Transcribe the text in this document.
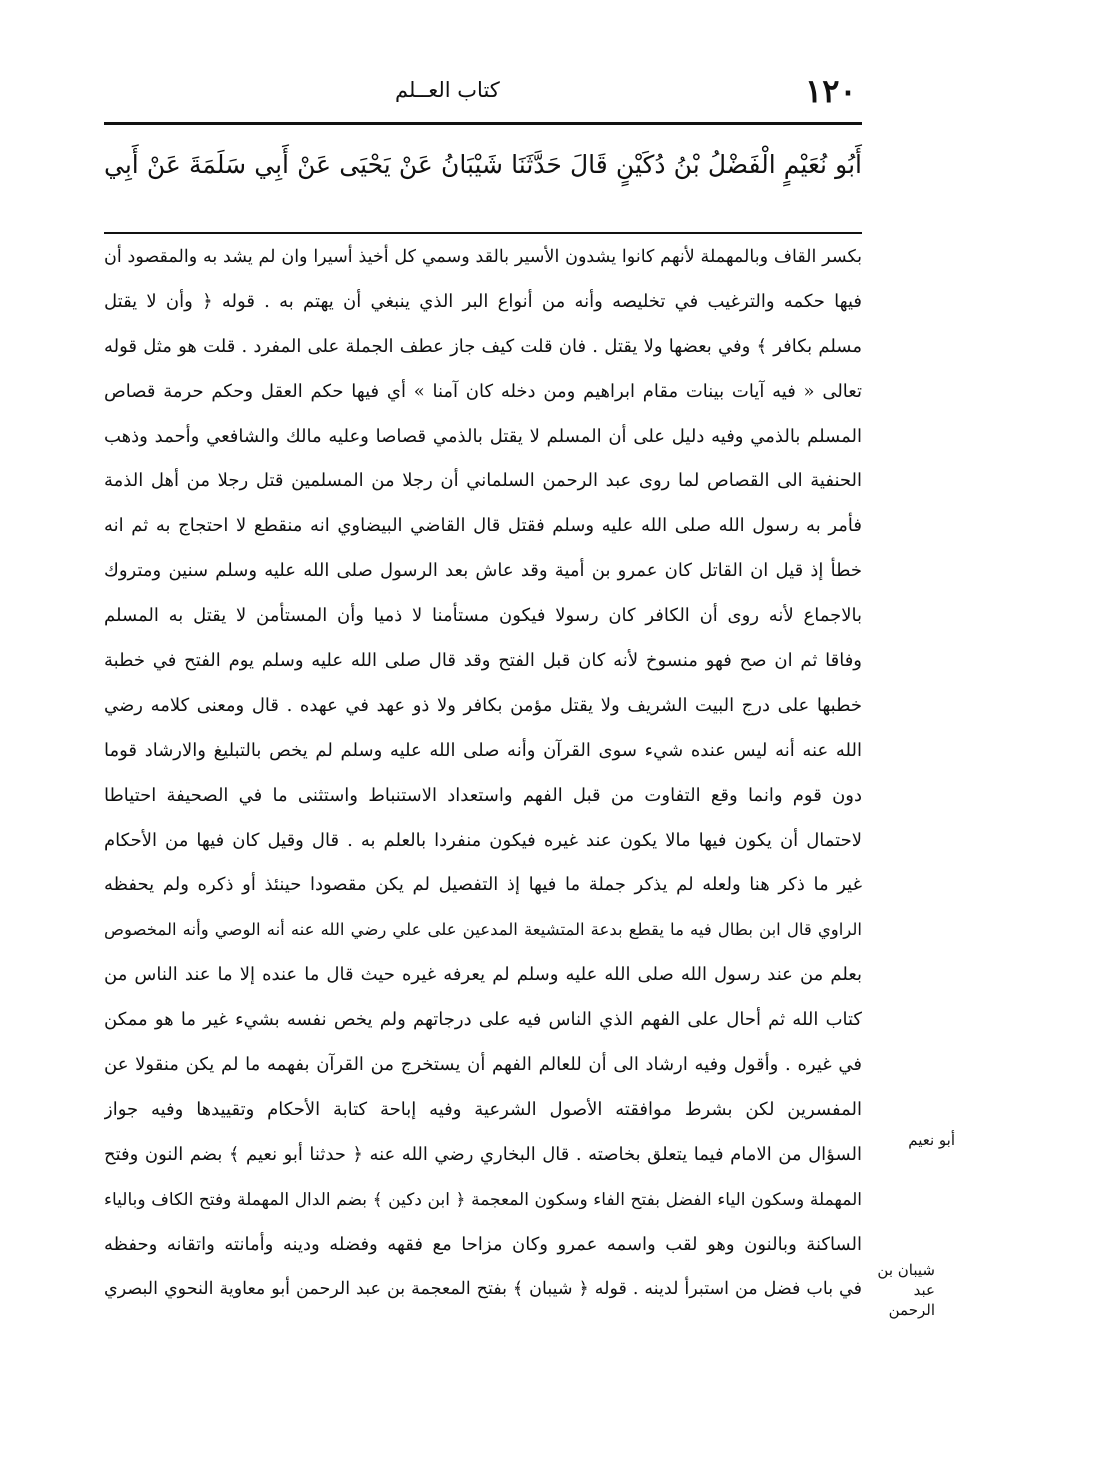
١٢٠
كتاب العــلم
أَبُو نُعَيْمٍ الْفَضْلُ بْنُ دُكَيْنٍ قَالَ حَدَّثَنَا شَيْبَانُ عَنْ يَحْيَى عَنْ أَبِي سَلَمَةَ عَنْ أَبِي
بكسر القاف وبالمهملة لأنهم كانوا يشدون الأسير بالقد وسمي كل أخيذ أسيرا وان لم يشد به والمقصود أن
فيها حكمه والترغيب في تخليصه وأنه من أنواع البر الذي ينبغي أن يهتم به . قوله ﴿ وأن لا يقتل
مسلم بكافر ﴾ وفي بعضها ولا يقتل . فان قلت كيف جاز عطف الجملة على المفرد . قلت هو مثل قوله
تعالى « فيه آيات بينات مقام ابراهيم ومن دخله كان آمنا » أي فيها حكم العقل وحكم حرمة قصاص
المسلم بالذمي وفيه دليل على أن المسلم لا يقتل بالذمي قصاصا وعليه مالك والشافعي وأحمد وذهب
الحنفية الى القصاص لما روى عبد الرحمن السلماني أن رجلا من المسلمين قتل رجلا من أهل الذمة
فأمر به رسول الله صلى الله عليه وسلم فقتل قال القاضي البيضاوي انه منقطع لا احتجاج به ثم انه
خطأ إذ قيل ان القاتل كان عمرو بن أمية وقد عاش بعد الرسول صلى الله عليه وسلم سنين ومتروك
بالاجماع لأنه روى أن الكافر كان رسولا فيكون مستأمنا لا ذميا وأن المستأمن لا يقتل به المسلم
وفاقا ثم ان صح فهو منسوخ لأنه كان قبل الفتح وقد قال صلى الله عليه وسلم يوم الفتح في خطبة
خطبها على درج البيت الشريف ولا يقتل مؤمن بكافر ولا ذو عهد في عهده . قال ومعنى كلامه رضي
الله عنه أنه ليس عنده شيء سوى القرآن وأنه صلى الله عليه وسلم لم يخص بالتبليغ والارشاد قوما
دون قوم وانما وقع التفاوت من قبل الفهم واستعداد الاستنباط واستثنى ما في الصحيفة احتياطا
لاحتمال أن يكون فيها مالا يكون عند غيره فيكون منفردا بالعلم به . قال وقيل كان فيها من الأحكام
غير ما ذكر هنا ولعله لم يذكر جملة ما فيها إذ التفصيل لم يكن مقصودا حينئذ أو ذكره ولم يحفظه
الراوي قال ابن بطال فيه ما يقطع بدعة المتشيعة المدعين على علي رضي الله عنه أنه الوصي وأنه المخصوص
بعلم من عند رسول الله صلى الله عليه وسلم لم يعرفه غيره حيث قال ما عنده إلا ما عند الناس من
كتاب الله ثم أحال على الفهم الذي الناس فيه على درجاتهم ولم يخص نفسه بشيء غير ما هو ممكن
في غيره . وأقول وفيه ارشاد الى أن للعالم الفهم أن يستخرج من القرآن بفهمه ما لم يكن منقولا عن
المفسرين لكن بشرط موافقته الأصول الشرعية وفيه إباحة كتابة الأحكام وتقييدها وفيه جواز
السؤال من الامام فيما يتعلق بخاصته . قال البخاري رضي الله عنه ﴿ حدثنا أبو نعيم ﴾ بضم النون وفتح
المهملة وسكون الياء الفضل بفتح الفاء وسكون المعجمة ﴿ ابن دكين ﴾ بضم الدال المهملة وفتح الكاف وبالياء
الساكنة وبالنون وهو لقب واسمه عمرو وكان مزاحا مع فقهه وفضله ودينه وأمانته واتقانه وحفظه
في باب فضل من استبرأ لدينه . قوله ﴿ شيبان ﴾ بفتح المعجمة بن عبد الرحمن أبو معاوية النحوي البصري
أبو نعيم
شيبان بن عبد الرحمن
